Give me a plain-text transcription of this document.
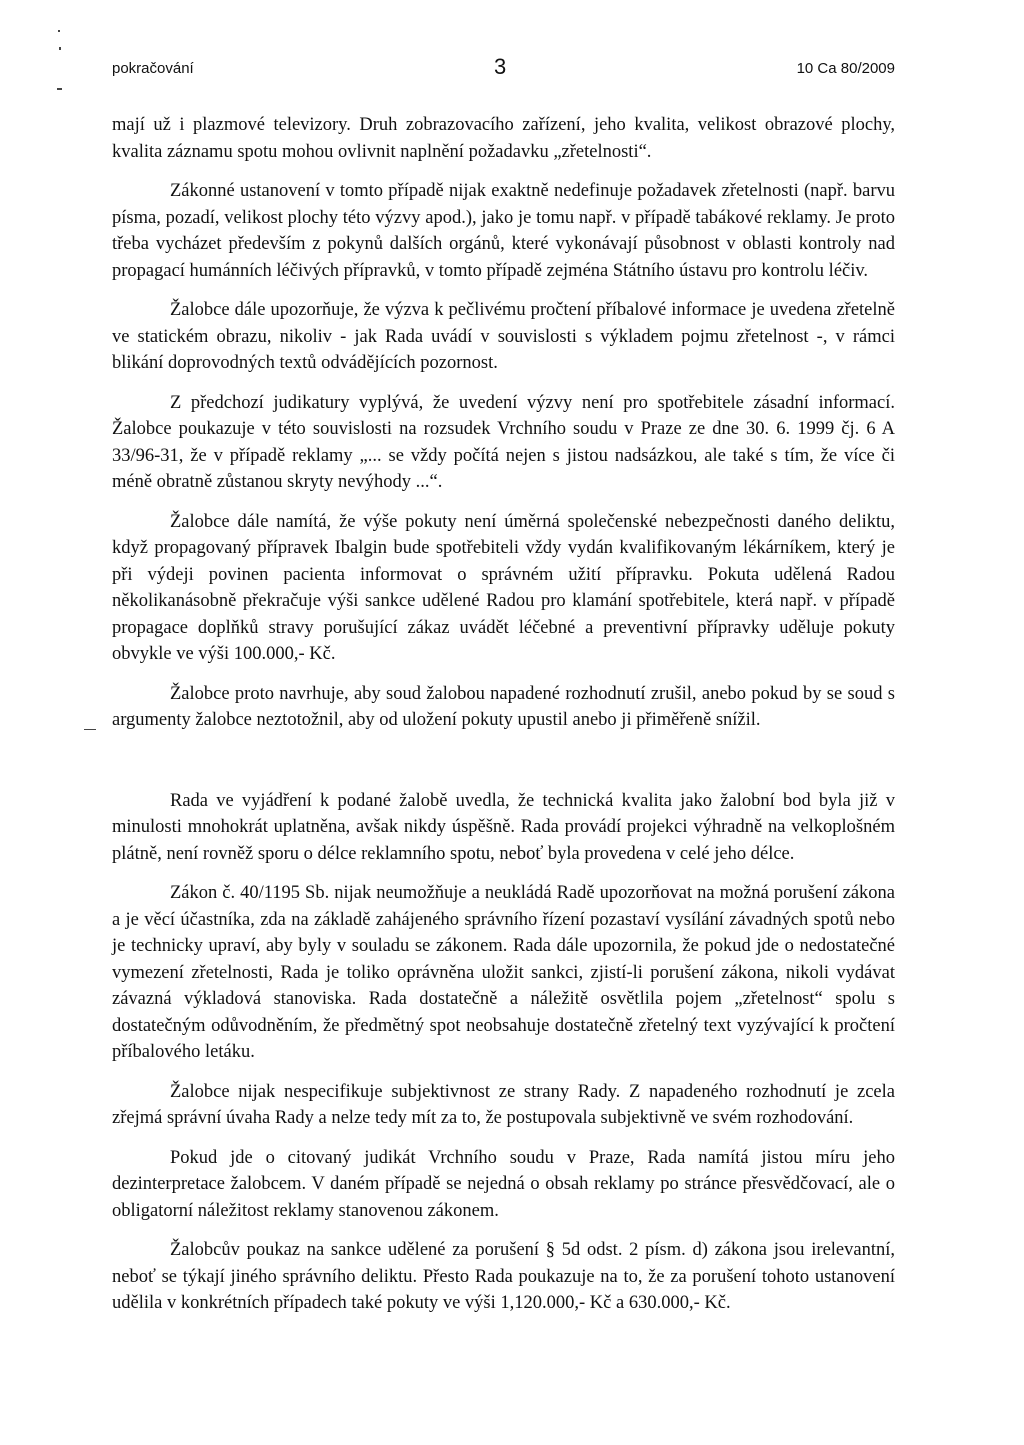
pokračování	3	10 Ca 80/2009

mají už i plazmové televizory. Druh zobrazovacího zařízení, jeho kvalita, velikost obrazové plochy, kvalita záznamu spotu mohou ovlivnit naplnění požadavku „zřetelnosti“.

Zákonné ustanovení v tomto případě nijak exaktně nedefinuje požadavek zřetelnosti (např. barvu písma, pozadí, velikost plochy této výzvy apod.), jako je tomu např. v případě tabákové reklamy. Je proto třeba vycházet především z pokynů dalších orgánů, které vykonávají působnost v oblasti kontroly nad propagací humánních léčivých přípravků, v tomto případě zejména Státního ústavu pro kontrolu léčiv.

Žalobce dále upozorňuje, že výzva k pečlivému pročtení příbalové informace je uvedena zřetelně ve statickém obrazu, nikoliv - jak Rada uvádí v souvislosti s výkladem pojmu zřetelnost -, v rámci blikání doprovodných textů odvádějících pozornost.

Z předchozí judikatury vyplývá, že uvedení výzvy není pro spotřebitele zásadní informací. Žalobce poukazuje v této souvislosti na rozsudek Vrchního soudu v Praze ze dne 30. 6. 1999 čj. 6 A 33/96-31, že v případě reklamy „... se vždy počítá nejen s jistou nadsázkou, ale také s tím, že více či méně obratně zůstanou skryty nevýhody ...“.

Žalobce dále namítá, že výše pokuty není úměrná společenské nebezpečnosti daného deliktu, když propagovaný přípravek Ibalgin bude spotřebiteli vždy vydán kvalifikovaným lékárníkem, který je při výdeji povinen pacienta informovat o správném užití přípravku. Pokuta udělená Radou několikanásobně překračuje výši sankce udělené Radou pro klamání spotřebitele, která např. v případě propagace doplňků stravy porušující zákaz uvádět léčebné a preventivní přípravky uděluje pokuty obvykle ve výši 100.000,- Kč.

Žalobce proto navrhuje, aby soud žalobou napadené rozhodnutí zrušil, anebo pokud by se soud s argumenty žalobce neztotožnil, aby od uložení pokuty upustil anebo ji přiměřeně snížil.

Rada ve vyjádření k podané žalobě uvedla, že technická kvalita jako žalobní bod byla již v minulosti mnohokrát uplatněna, avšak nikdy úspěšně. Rada provádí projekci výhradně na velkoplošném plátně, není rovněž sporu o délce reklamního spotu, neboť byla provedena v celé jeho délce.

Zákon č. 40/1195 Sb. nijak neumožňuje a neukládá Radě upozorňovat na možná porušení zákona a je věcí účastníka, zda na základě zahájeného správního řízení pozastaví vysílání závadných spotů nebo je technicky upraví, aby byly v souladu se zákonem. Rada dále upozornila, že pokud jde o nedostatečné vymezení zřetelnosti, Rada je toliko oprávněna uložit sankci, zjistí-li porušení zákona, nikoli vydávat závazná výkladová stanoviska. Rada dostatečně a náležitě osvětlila pojem „zřetelnost“ spolu s dostatečným odůvodněním, že předmětný spot neobsahuje dostatečně zřetelný text vyzývající k pročtení příbalového letáku.

Žalobce nijak nespecifikuje subjektivnost ze strany Rady. Z napadeného rozhodnutí je zcela zřejmá správní úvaha Rady a nelze tedy mít za to, že postupovala subjektivně ve svém rozhodování.

Pokud jde o citovaný judikát Vrchního soudu v Praze, Rada namítá jistou míru jeho dezinterpretace žalobcem. V daném případě se nejedná o obsah reklamy po stránce přesvědčovací, ale o obligatorní náležitost reklamy stanovenou zákonem.

Žalobcův poukaz na sankce udělené za porušení § 5d odst. 2 písm. d) zákona jsou irelevantní, neboť se týkají jiného správního deliktu. Přesto Rada poukazuje na to, že za porušení tohoto ustanovení udělila v konkrétních případech také pokuty ve výši 1,120.000,- Kč a 630.000,- Kč.
